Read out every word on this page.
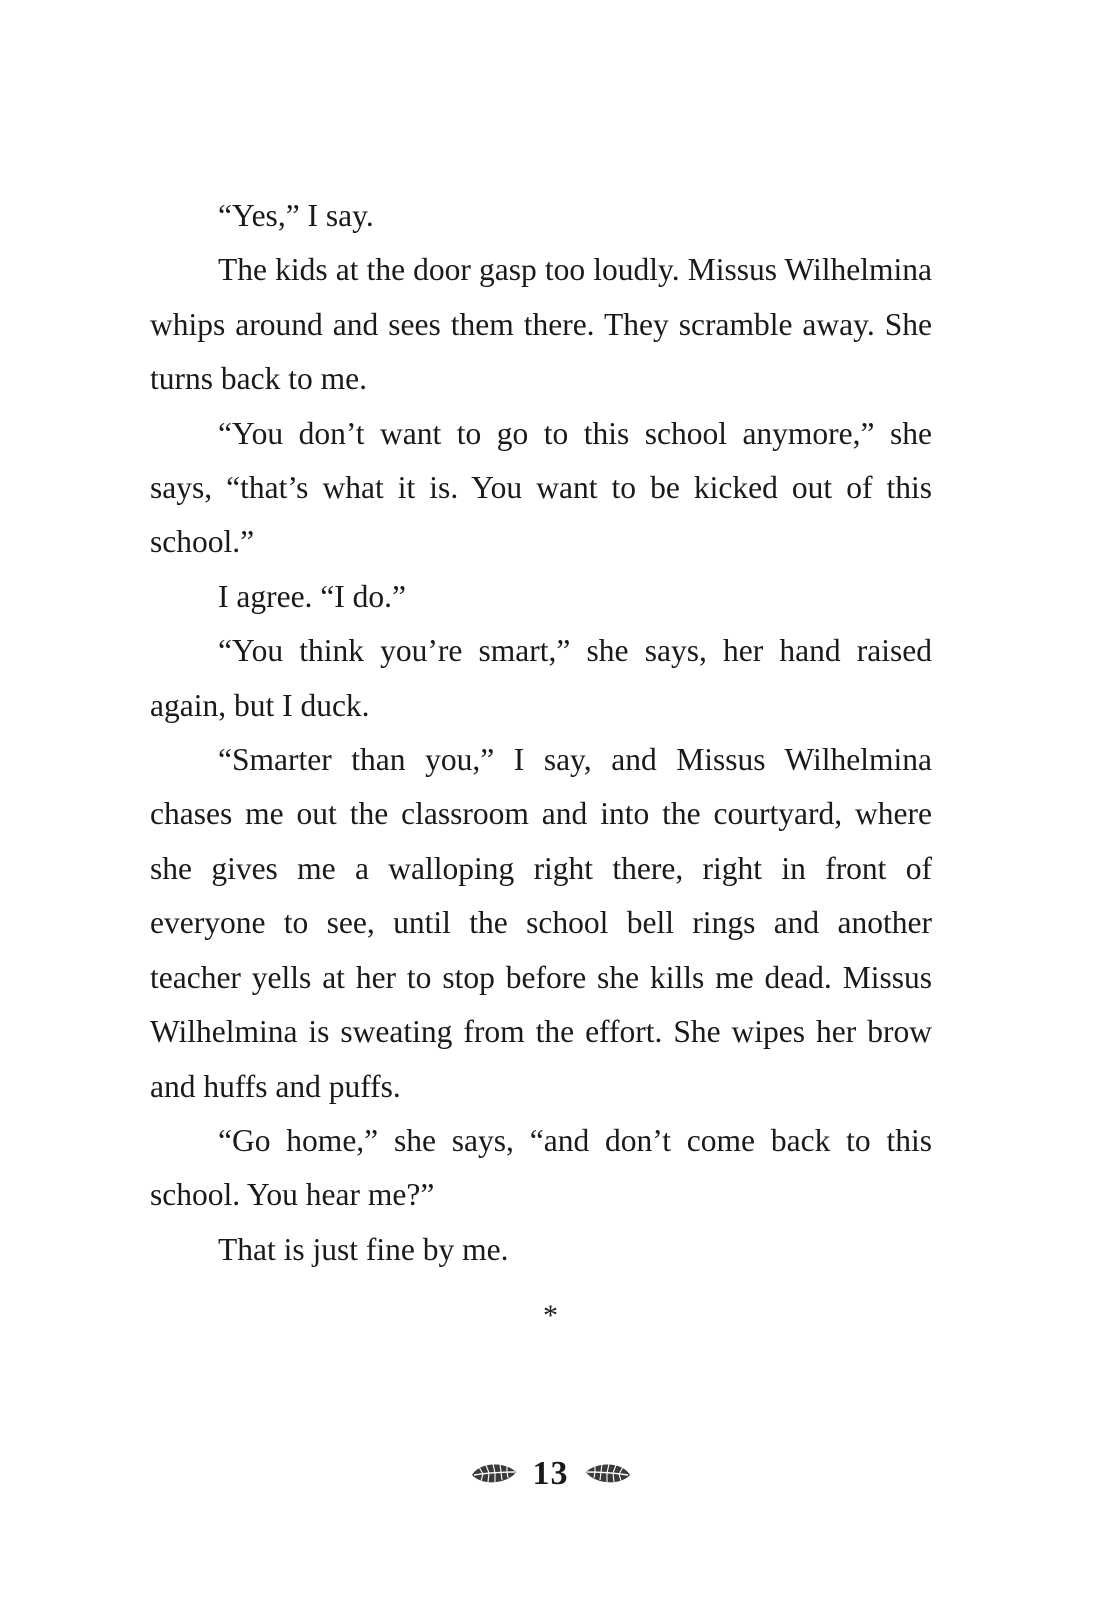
“Yes,” I say.

The kids at the door gasp too loudly. Missus Wilhelmina whips around and sees them there. They scramble away. She turns back to me.

“You don’t want to go to this school anymore,” she says, “that’s what it is. You want to be kicked out of this school.”

I agree. “I do.”

“You think you’re smart,” she says, her hand raised again, but I duck.

“Smarter than you,” I say, and Missus Wilhelmina chases me out the classroom and into the courtyard, where she gives me a walloping right there, right in front of everyone to see, until the school bell rings and another teacher yells at her to stop before she kills me dead. Missus Wilhelmina is sweating from the effort. She wipes her brow and huffs and puffs.

“Go home,” she says, “and don’t come back to this school. You hear me?”

That is just fine by me.

*
13
